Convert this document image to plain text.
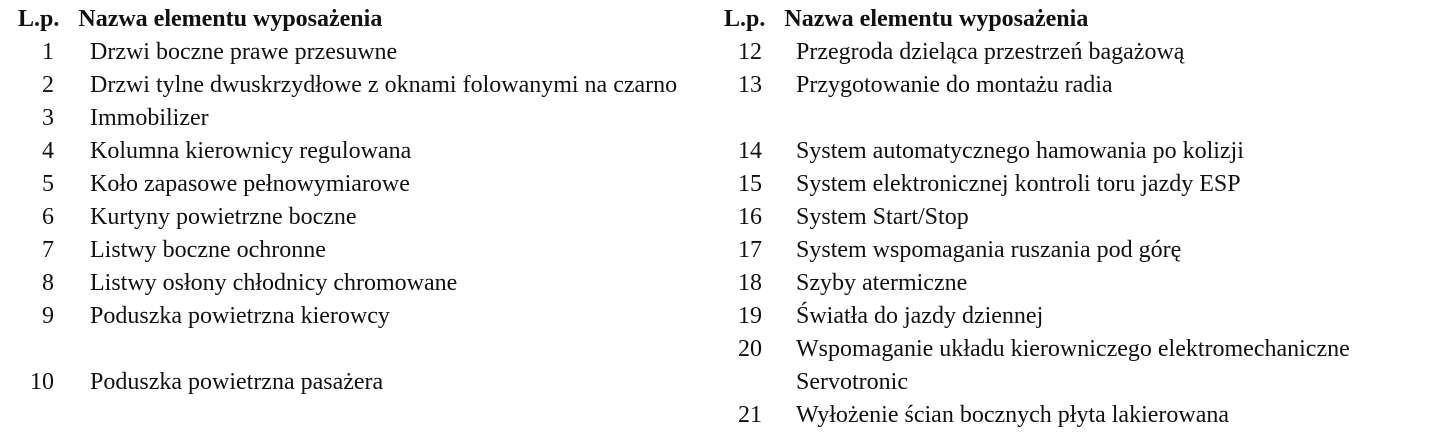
L.p. Nazwa elementu wyposażenia
1	Drzwi boczne prawe przesuwne
2	Drzwi tylne dwuskrzydłowe z oknami folowanymi na czarno
3	Immobilizer
4	Kolumna kierownicy regulowana
5	Koło zapasowe pełnowymiarowe
6	Kurtyny powietrzne boczne
7	Listwy boczne ochronne
8	Listwy osłony chłodnicy chromowane
9	Poduszka powietrzna kierowcy
10	Poduszka powietrzna pasażera
L.p. Nazwa elementu wyposażenia
12	Przegroda dzieląca przestrzeń bagażową
13	Przygotowanie do montażu radia
14	System automatycznego hamowania po kolizji
15	System elektronicznej kontroli toru jazdy ESP
16	System Start/Stop
17	System wspomagania ruszania pod górę
18	Szyby atermiczne
19	Światła do jazdy dziennej
20	Wspomaganie układu kierowniczego elektromechaniczne Servotronic
21	Wyłożenie ścian bocznych płyta lakierowana
